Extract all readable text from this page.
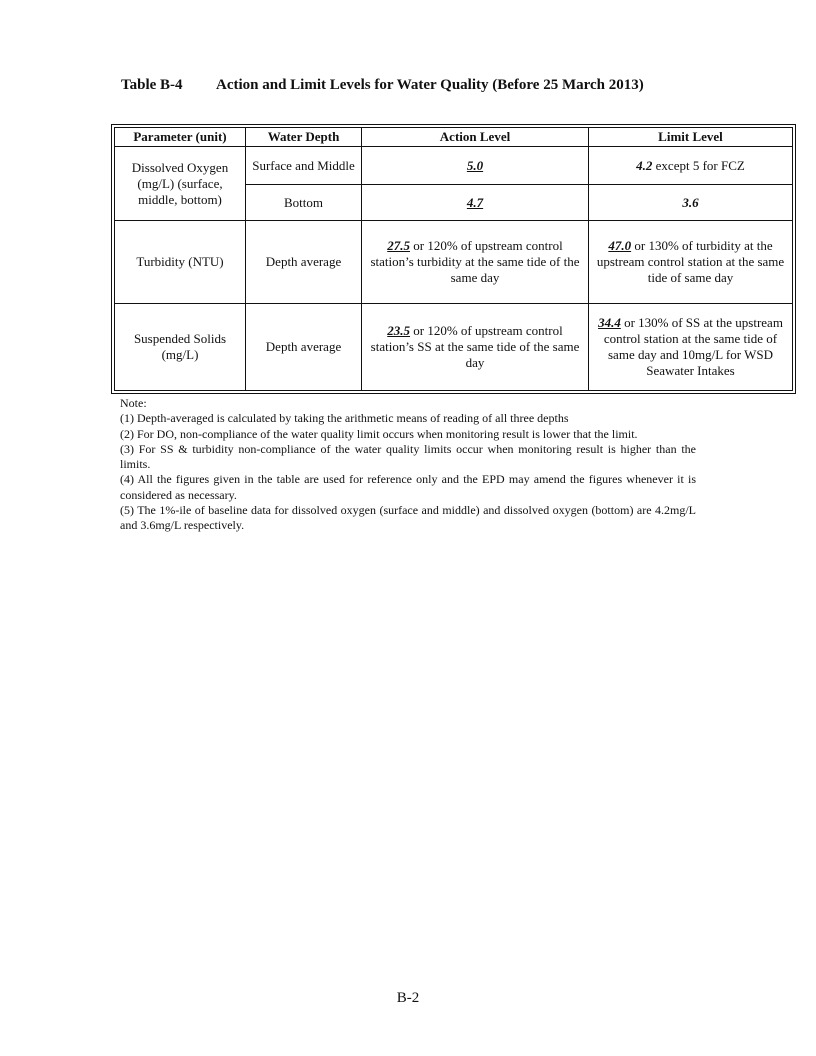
Table B-4 Action and Limit Levels for Water Quality (Before 25 March 2013)
Parameter (unit)	Water Depth	Action Level	Limit Level
Dissolved Oxygen (mg/L) (surface, middle, bottom)	Surface and Middle	5.0	4.2 except 5 for FCZ
	Bottom	4.7	3.6
Turbidity (NTU)	Depth average	27.5 or 120% of upstream control station’s turbidity at the same tide of the same day	47.0 or 130% of turbidity at the upstream control station at the same tide of same day
Suspended Solids (mg/L)	Depth average	23.5 or 120% of upstream control station’s SS at the same tide of the same day	34.4 or 130% of SS at the upstream control station at the same tide of same day and 10mg/L for WSD Seawater Intakes

Note:

(1) Depth-averaged is calculated by taking the arithmetic means of reading of all three depths

(2) For DO, non-compliance of the water quality limit occurs when monitoring result is lower that the limit.

(3) For SS & turbidity non-compliance of the water quality limits occur when monitoring result is higher than the limits.

(4) All the figures given in the table are used for reference only and the EPD may amend the figures whenever it is considered as necessary.

(5) The 1%-ile of baseline data for dissolved oxygen (surface and middle) and dissolved oxygen (bottom) are 4.2mg/L and 3.6mg/L respectively.

B-2
